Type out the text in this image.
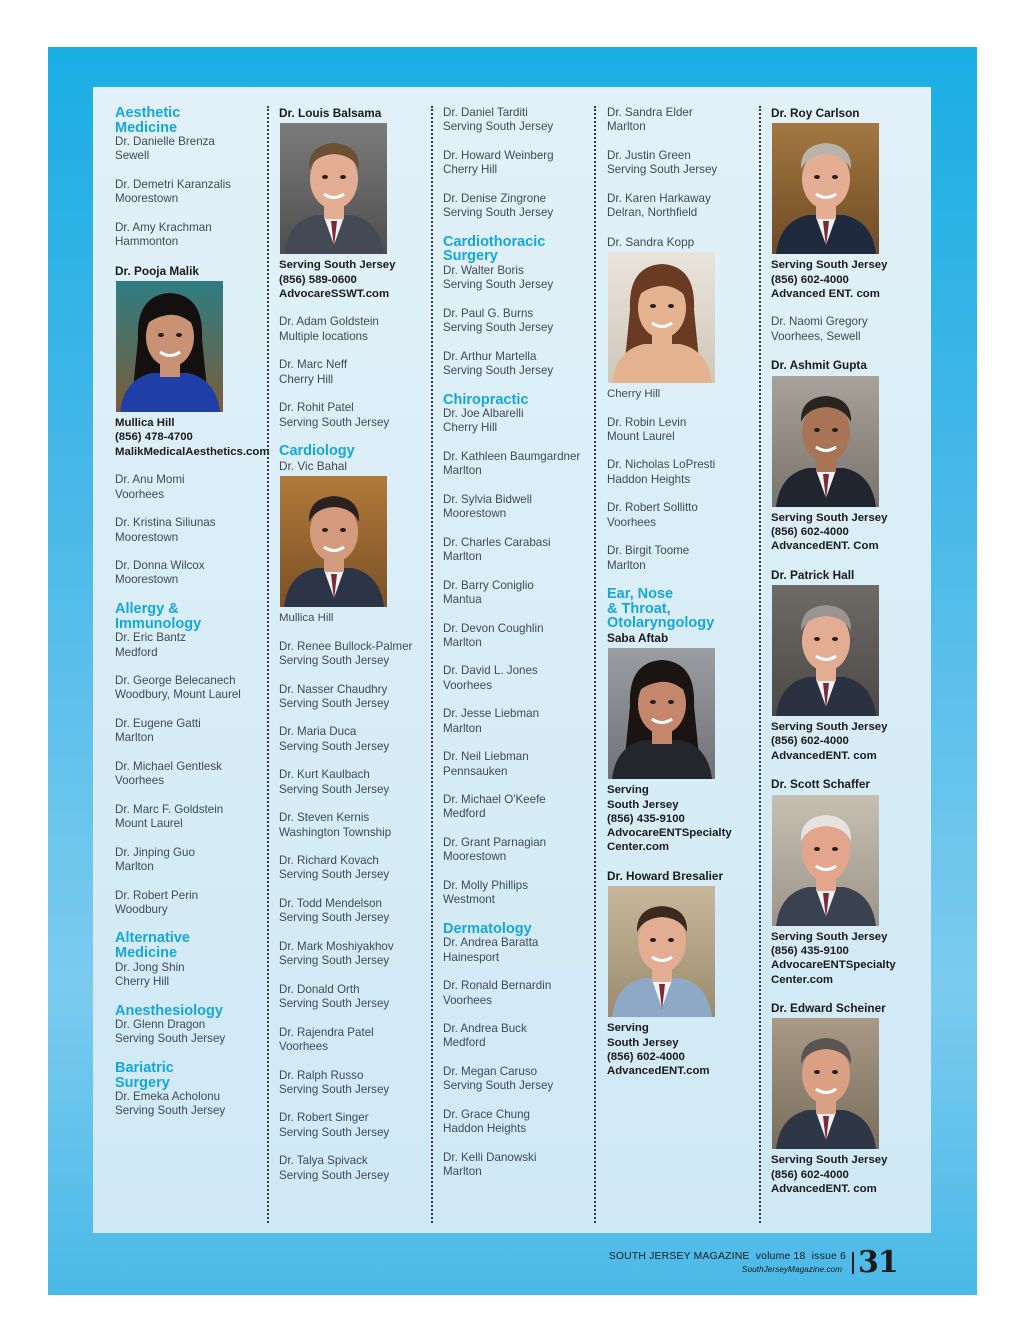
Aesthetic
Medicine
Dr. Danielle Brenza
Sewell
Dr. Demetri Karanzalis
Moorestown
Dr. Amy Krachman
Hammonton
Dr. Pooja Malik
Mullica Hill
(856) 478-4700
MalikMedicalAesthetics.com
Dr. Anu Momi
Voorhees
Dr. Kristina Siliunas
Moorestown
Dr. Donna Wilcox
Moorestown
Allergy &
Immunology
Dr. Eric Bantz
Medford
Dr. George Belecanech
Woodbury, Mount Laurel
Dr. Eugene Gatti
Marlton
Dr. Michael Gentlesk
Voorhees
Dr. Marc F. Goldstein
Mount Laurel
Dr. Jinping Guo
Marlton
Dr. Robert Perin
Woodbury
Alternative
Medicine
Dr. Jong Shin
Cherry Hill
Anesthesiology
Dr. Glenn Dragon
Serving South Jersey
Bariatric
Surgery
Dr. Emeka Acholonu
Serving South Jersey
Dr. Louis Balsama
Serving South Jersey
(856) 589-0600
AdvocareSSWT.com
Dr. Adam Goldstein
Multiple locations
Dr. Marc Neff
Cherry Hill
Dr. Rohit Patel
Serving South Jersey
Cardiology
Dr. Vic Bahal
Mullica Hill
Dr. Renee Bullock-Palmer
Serving South Jersey
Dr. Nasser Chaudhry
Serving South Jersey
Dr. Maria Duca
Serving South Jersey
Dr. Kurt Kaulbach
Serving South Jersey
Dr. Steven Kernis
Washington Township
Dr. Richard Kovach
Serving South Jersey
Dr. Todd Mendelson
Serving South Jersey
Dr. Mark Moshiyakhov
Serving South Jersey
Dr. Donald Orth
Serving South Jersey
Dr. Rajendra Patel
Voorhees
Dr. Ralph Russo
Serving South Jersey
Dr. Robert Singer
Serving South Jersey
Dr. Talya Spivack
Serving South Jersey
Dr. Daniel Tarditi
Serving South Jersey
Dr. Howard Weinberg
Cherry Hill
Dr. Denise Zingrone
Serving South Jersey
Cardiothoracic
Surgery
Dr. Walter Boris
Serving South Jersey
Dr. Paul G. Burns
Serving South Jersey
Dr. Arthur Martella
Serving South Jersey
Chiropractic
Dr. Joe Albarelli
Cherry Hill
Dr. Kathleen Baumgardner
Marlton
Dr. Sylvia Bidwell
Moorestown
Dr. Charles Carabasi
Marlton
Dr. Barry Coniglio
Mantua
Dr. Devon Coughlin
Marlton
Dr. David L. Jones
Voorhees
Dr. Jesse Liebman
Marlton
Dr. Neil Liebman
Pennsauken
Dr. Michael O'Keefe
Medford
Dr. Grant Parnagian
Moorestown
Dr. Molly Phillips
Westmont
Dermatology
Dr. Andrea Baratta
Hainesport
Dr. Ronald Bernardin
Voorhees
Dr. Andrea Buck
Medford
Dr. Megan Caruso
Serving South Jersey
Dr. Grace Chung
Haddon Heights
Dr. Kelli Danowski
Marlton
Dr. Sandra Elder
Marlton
Dr. Justin Green
Serving South Jersey
Dr. Karen Harkaway
Delran, Northfield
Dr. Sandra Kopp
Cherry Hill
Dr. Robin Levin
Mount Laurel
Dr. Nicholas LoPresti
Haddon Heights
Dr. Robert Sollitto
Voorhees
Dr. Birgit Toome
Marlton
Ear, Nose
& Throat,
Otolaryngology
Saba Aftab
Serving
South Jersey
(856) 435-9100
AdvocareENTSpecialty
Center.com
Dr. Howard Bresalier
Serving
South Jersey
(856) 602-4000
AdvancedENT.com
Dr. Roy Carlson
Serving South Jersey
(856) 602-4000
Advanced ENT. com
Dr. Naomi Gregory
Voorhees, Sewell
Dr. Ashmit Gupta
Serving South Jersey
(856) 602-4000
AdvancedENT. Com
Dr. Patrick Hall
Serving South Jersey
(856) 602-4000
AdvancedENT. com
Dr. Scott Schaffer
Serving South Jersey
(856) 435-9100
AdvocareENTSpecialty
Center.com
Dr. Edward Scheiner
Serving South Jersey
(856) 602-4000
AdvancedENT. com
SOUTH JERSEY MAGAZINE volume 18 issue 6
SouthJerseyMagazine.com 31
